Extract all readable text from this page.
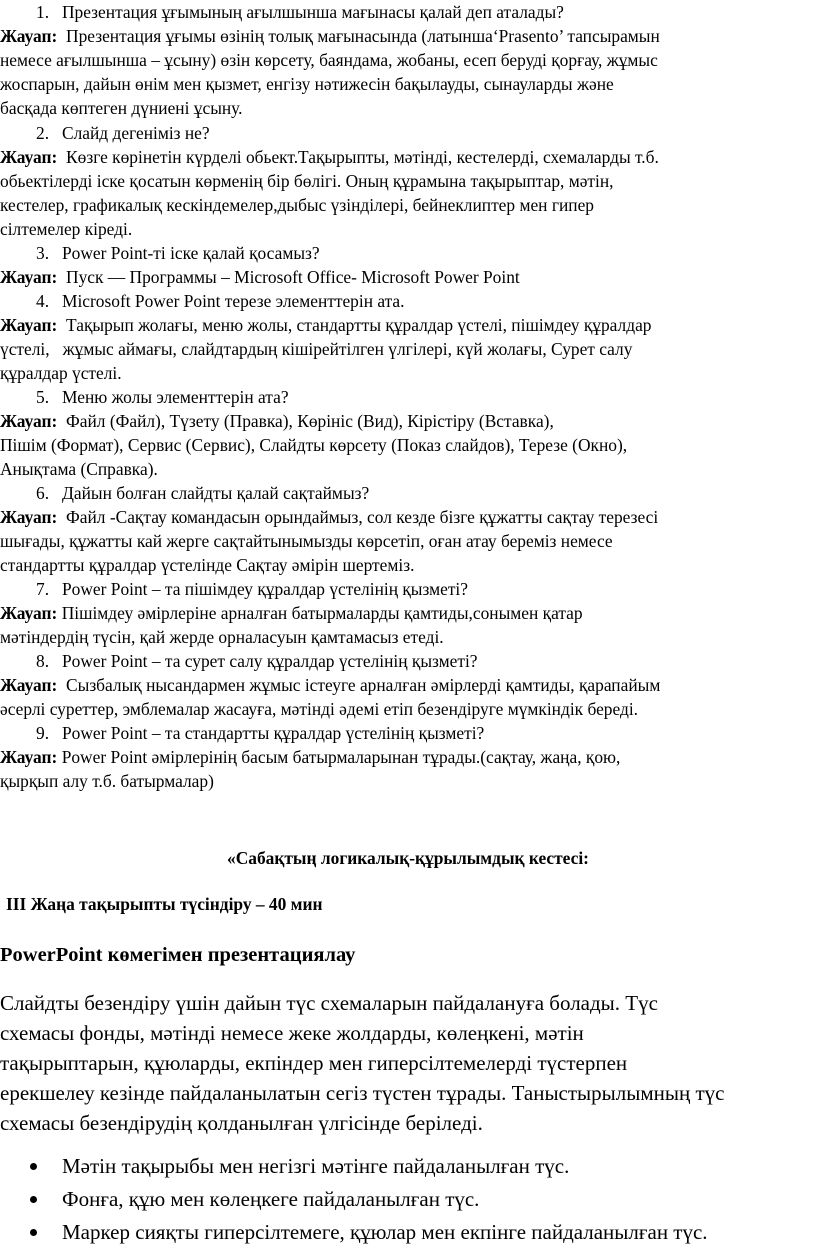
1. Презентация ұғымының ағылшынша мағынасы қалай деп аталады?
Жауап: Презентация ұғымы өзінің толық мағынасында (латынша‘Prasento’ тапсырамын
немесе ағылшынша – ұсыну) өзін көрсету, баяндама, жобаны, есеп беруді қорғау, жұмыс
жоспарын, дайын өнім мен қызмет, енгізу нәтижесін бақылауды, сынауларды және
басқада көптеген дүниені ұсыну.
2. Слайд дегеніміз не?
Жауап: Көзге көрінетін күрделі обьект.Тақырыпты, мәтінді, кестелерді, схемаларды т.б.
обьектілерді іске қосатын көрменің бір бөлігі. Оның құрамына тақырыптар, мәтін,
кестелер, графикалық кескіндемелер,дыбыс үзінділері, бейнеклиптер мен гипер
сілтемелер кіреді.
3. Power Point-ті іске қалай қосамыз?
Жауап: Пуск –– Программы – Microsoft Office- Microsoft Power Point
4. Microsoft Power Point терезе элементтерін ата.
Жауап: Тақырып жолағы, меню жолы, стандартты құралдар үстелі, пішімдеу құралдар
үстелі,   жұмыс аймағы, слайдтардың кішірейтілген үлгілері, күй жолағы, Сурет салу
құралдар үстелі.
5. Меню жолы элементтерін ата?
Жауап: Файл (Файл), Түзету (Правка), Көрініс (Вид), Кірістіру (Вставка),
Пішім (Формат), Сервис (Сервис), Слайдты көрсету (Показ слайдов), Терезе (Окно),
Анықтама (Справка).
6. Дайын болған слайдты қалай сақтаймыз?
Жауап: Файл -Сақтау командасын орындаймыз, сол кезде бізге құжатты сақтау терезесі
шығады, құжатты кай жерге сақтайтынымызды көрсетіп, оған атау береміз немесе
стандартты құралдар үстелінде Сақтау әмірін шертеміз.
7. Power Point – та пішімдеу құралдар үстелінің қызметі?
Жауап: Пішімдеу әмірлеріне арналған батырмаларды қамтиды,сонымен қатар
мәтіндердің түсін, қай жерде орналасуын қамтамасыз етеді.
8. Power Point – та сурет салу құралдар үстелінің қызметі?
Жауап: Сызбалық нысандармен жұмыс істеуге арналған әмірлерді қамтиды, қарапайым
әсерлі суреттер, эмблемалар жасауға, мәтінді әдемі етіп безендіруге мүмкіндік береді.
9. Power Point – та стандартты құралдар үстелінің қызметі?
Жауап: Power Point әмірлерінің басым батырмаларынан тұрады.(сақтау, жаңа, қою,
қырқып алу т.б. батырмалар)
«Сабақтың логикалық-құрылымдық кестесі:
III Жаңа тақырыпты түсіндіру – 40 мин
PowerPoint көмегімен презентациялау
Слайдты безендіру үшін дайын түс схемаларын пайдалануға болады. Түс
схемасы фонды, мәтінді немесе жеке жолдарды, көлеңкені, мәтін
тақырыптарын, құюларды, екпіндер мен гиперсілтемелерді түстерпен
ерекшелеу кезінде пайдаланылатын сегіз түстен тұрады. Таныстырылымның түс
схемасы безендірудің қолданылған үлгісінде беріледі.
Мәтін тақырыбы мен негізгі мәтінге пайдаланылған түс.
Фонға, құю мен көлеңкеге пайдаланылған түс.
Маркер сияқты гиперсілтемеге, құюлар мен екпінге пайдаланылған түс.
